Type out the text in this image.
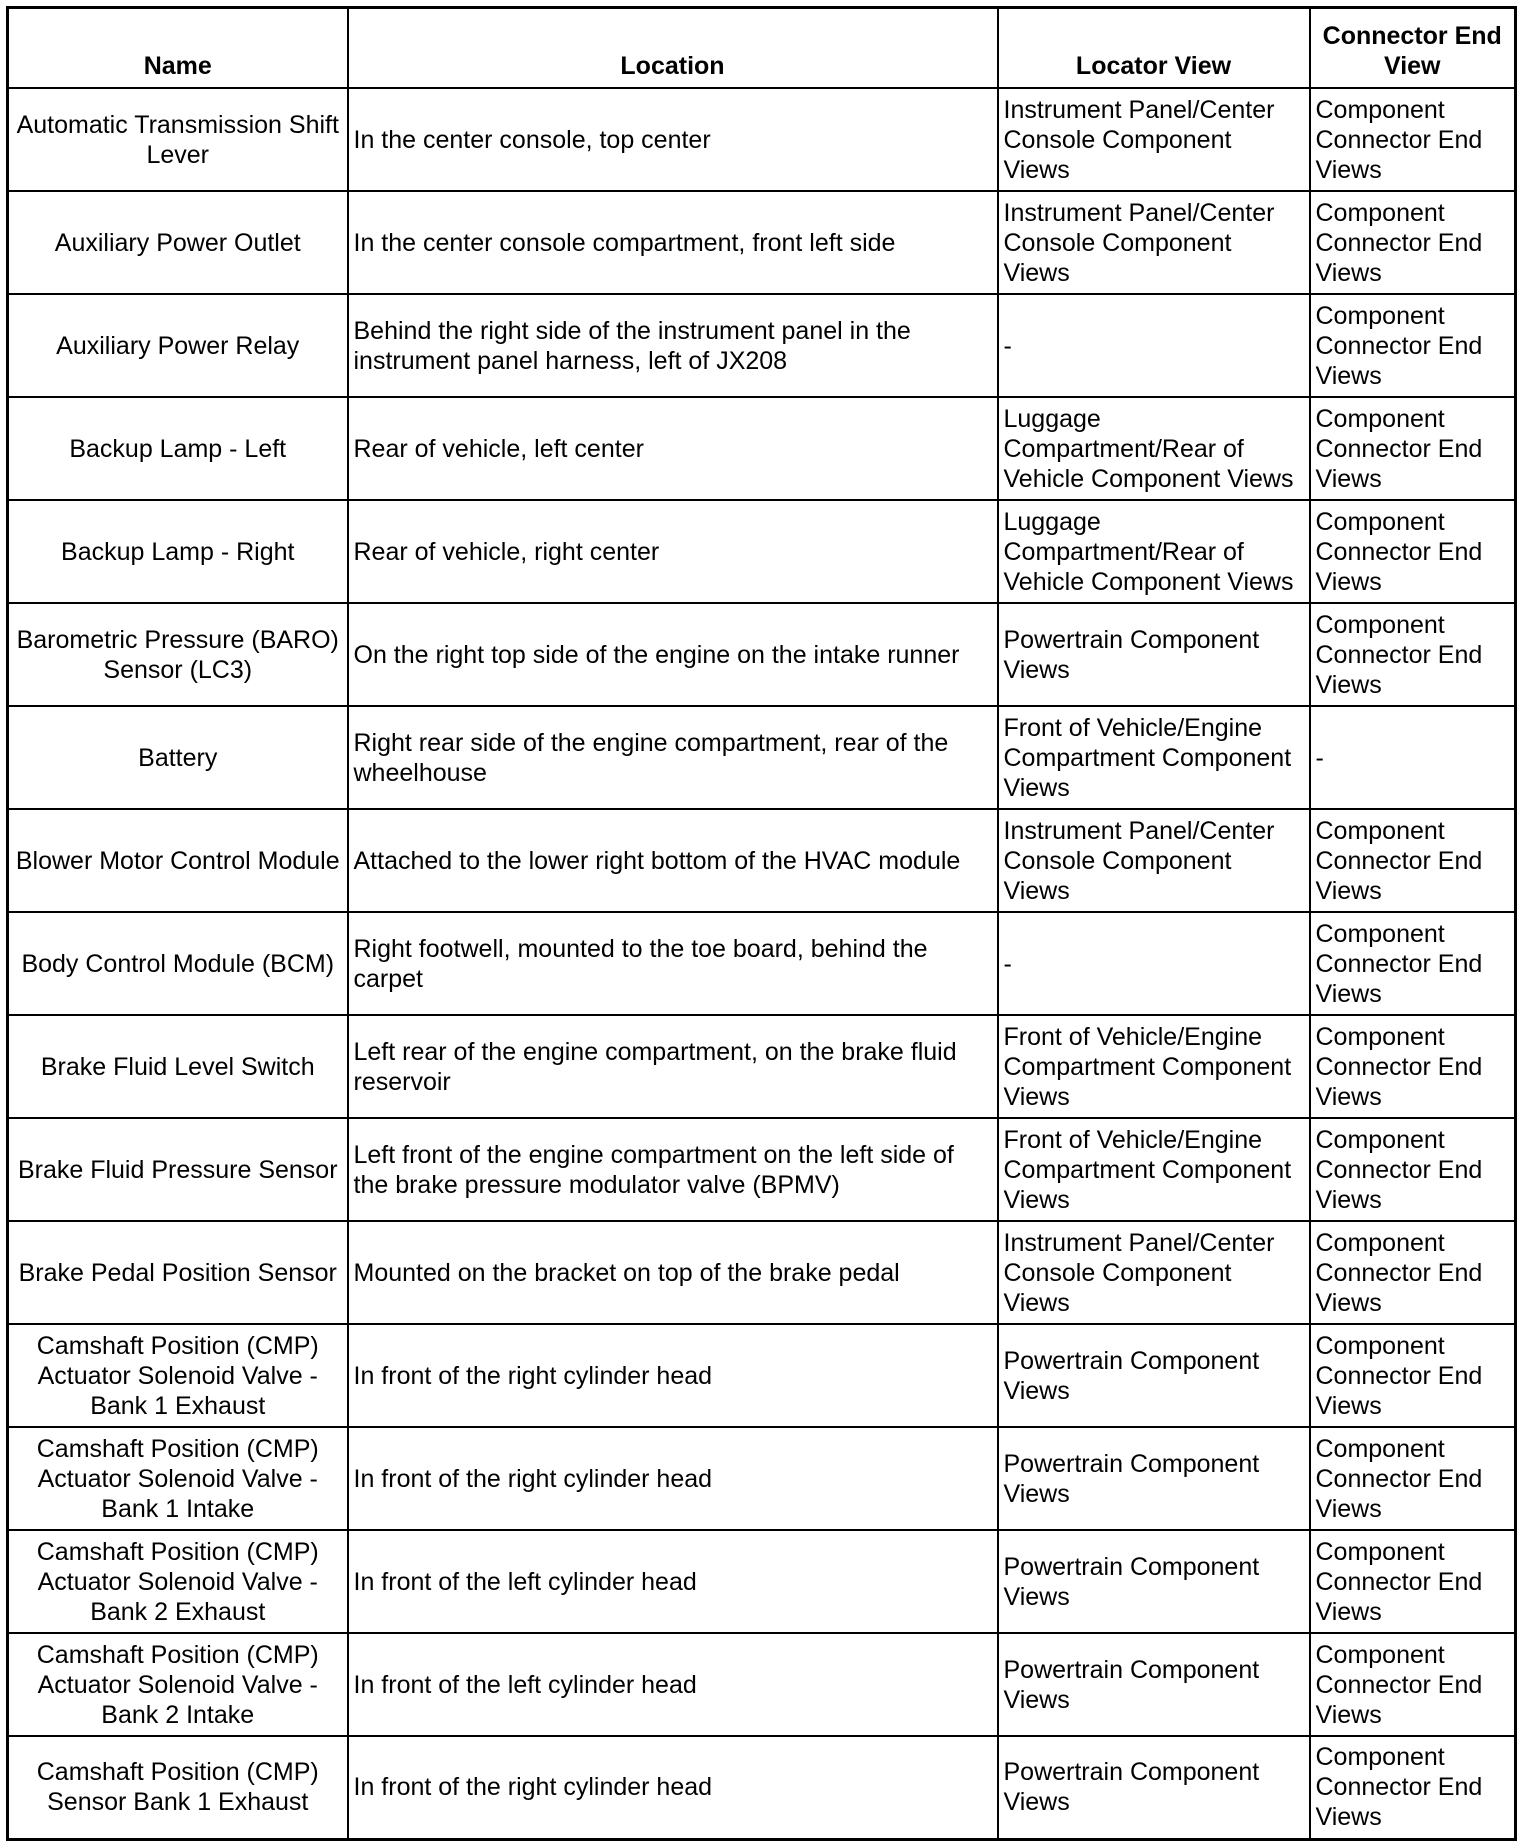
Name	Location	Locator View	Connector End View
Automatic Transmission Shift Lever	In the center console, top center	Instrument Panel/Center Console Component Views	Component Connector End Views
Auxiliary Power Outlet	In the center console compartment, front left side	Instrument Panel/Center Console Component Views	Component Connector End Views
Auxiliary Power Relay	Behind the right side of the instrument panel in the instrument panel harness, left of JX208	-	Component Connector End Views
Backup Lamp - Left	Rear of vehicle, left center	Luggage Compartment/Rear of Vehicle Component Views	Component Connector End Views
Backup Lamp - Right	Rear of vehicle, right center	Luggage Compartment/Rear of Vehicle Component Views	Component Connector End Views
Barometric Pressure (BARO) Sensor (LC3)	On the right top side of the engine on the intake runner	Powertrain Component Views	Component Connector End Views
Battery	Right rear side of the engine compartment, rear of the wheelhouse	Front of Vehicle/Engine Compartment Component Views	-
Blower Motor Control Module	Attached to the lower right bottom of the HVAC module	Instrument Panel/Center Console Component Views	Component Connector End Views
Body Control Module (BCM)	Right footwell, mounted to the toe board, behind the carpet	-	Component Connector End Views
Brake Fluid Level Switch	Left rear of the engine compartment, on the brake fluid reservoir	Front of Vehicle/Engine Compartment Component Views	Component Connector End Views
Brake Fluid Pressure Sensor	Left front of the engine compartment on the left side of the brake pressure modulator valve (BPMV)	Front of Vehicle/Engine Compartment Component Views	Component Connector End Views
Brake Pedal Position Sensor	Mounted on the bracket on top of the brake pedal	Instrument Panel/Center Console Component Views	Component Connector End Views
Camshaft Position (CMP) Actuator Solenoid Valve - Bank 1 Exhaust	In front of the right cylinder head	Powertrain Component Views	Component Connector End Views
Camshaft Position (CMP) Actuator Solenoid Valve - Bank 1 Intake	In front of the right cylinder head	Powertrain Component Views	Component Connector End Views
Camshaft Position (CMP) Actuator Solenoid Valve - Bank 2 Exhaust	In front of the left cylinder head	Powertrain Component Views	Component Connector End Views
Camshaft Position (CMP) Actuator Solenoid Valve - Bank 2 Intake	In front of the left cylinder head	Powertrain Component Views	Component Connector End Views
Camshaft Position (CMP) Sensor Bank 1 Exhaust	In front of the right cylinder head	Powertrain Component Views	Component Connector End Views
